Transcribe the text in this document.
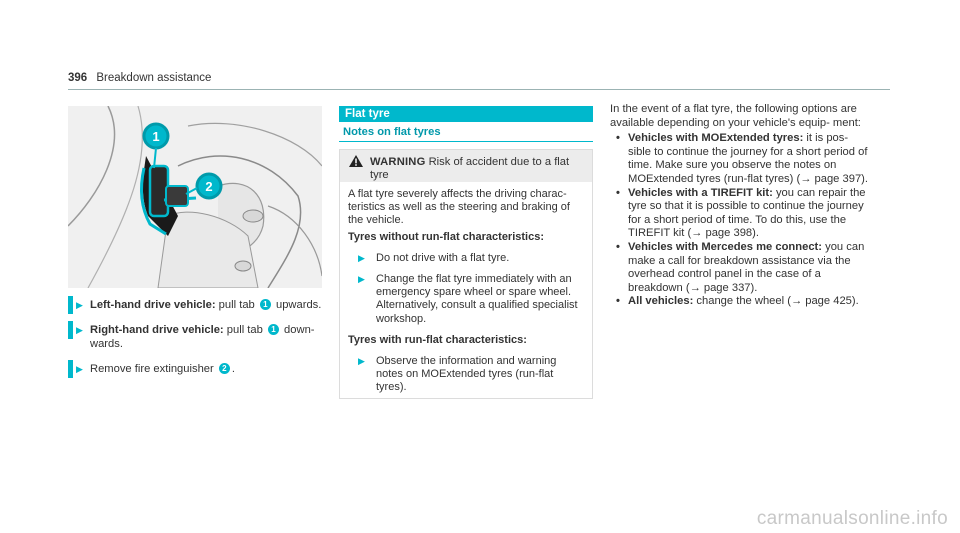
396 Breakdown assistance
1
2
▶ Left-hand drive vehicle: pull tab 1 upwards.
▶ Right-hand drive vehicle: pull tab 1 down- wards.
▶ Remove fire extinguisher 2 .
Flat tyre
Notes on flat tyres
WARNING Risk of accident due to a flat tyre

A flat tyre severely affects the driving charac- teristics as well as the steering and braking of the vehicle.

Tyres without run-flat characteristics:

▶	Do not drive with a flat tyre.
▶	Change the flat tyre immediately with an emergency spare wheel or spare wheel. Alternatively, consult a qualified specialist workshop.

Tyres with run-flat characteristics:

▶	Observe the information and warning notes on MOExtended tyres (run-flat tyres).

In the event of a flat tyre, the following options are available depending on your vehicle's equip- ment:

• Vehicles with MOExtended tyres: it is pos- sible to continue the journey for a short period of time. Make sure you observe the notes on MOExtended tyres (run-flat tyres) (→ page 397).
• Vehicles with a TIREFIT kit: you can repair the tyre so that it is possible to continue the journey for a short period of time. To do this, use the TIREFIT kit (→ page 398).
• Vehicles with Mercedes me connect: you can make a call for breakdown assistance via the overhead control panel in the case of a breakdown (→ page 337).
• All vehicles: change the wheel (→ page 425).
carmanualsonline.info
